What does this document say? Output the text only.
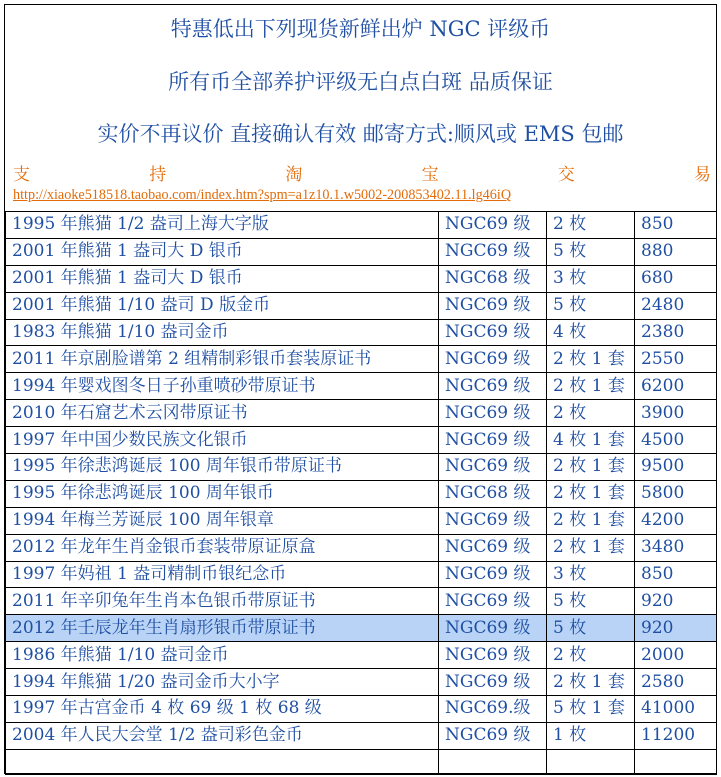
特惠低出下列现货新鲜出炉 NGC 评级币
所有币全部养护评级无白点白斑 品质保证
实价不再议价 直接确认有效 邮寄方式:顺风或 EMS 包邮
支	持	淘	宝	交	易
http://xiaoke518518.taobao.com/index.htm?spm=a1z10.1.w5002-200853402.11.lg46iQ
1995 年熊猫 1/2 盎司上海大字版	NGC69 级	2 枚	850
2001 年熊猫 1 盎司大 D 银币	NGC69 级	5 枚	880
2001 年熊猫 1 盎司大 D 银币	NGC68 级	3 枚	680
2001 年熊猫 1/10 盎司 D 版金币	NGC69 级	5 枚	2480
1983 年熊猫 1/10 盎司金币	NGC69 级	4 枚	2380
2011 年京剧脸谱第 2 组精制彩银币套装原证书	NGC69 级	2 枚 1 套	2550
1994 年婴戏图冬日子孙重喷砂带原证书	NGC69 级	2 枚 1 套	6200
2010 年石窟艺术云冈带原证书	NGC69 级	2 枚	3900
1997 年中国少数民族文化银币	NGC69 级	4 枚 1 套	4500
1995 年徐悲鸿诞辰 100 周年银币带原证书	NGC69 级	2 枚 1 套	9500
1995 年徐悲鸿诞辰 100 周年银币	NGC68 级	2 枚 1 套	5800
1994 年梅兰芳诞辰 100 周年银章	NGC69 级	2 枚 1 套	4200
2012 年龙年生肖金银币套装带原证原盒	NGC69 级	2 枚 1 套	3480
1997 年妈祖 1 盎司精制币银纪念币	NGC69 级	3 枚	850
2011 年辛卯兔年生肖本色银币带原证书	NGC69 级	5 枚	920
2012 年壬辰龙年生肖扇形银币带原证书	NGC69 级	5 枚	920
1986 年熊猫 1/10 盎司金币	NGC69 级	2 枚	2000
1994 年熊猫 1/20 盎司金币大小字	NGC69 级	2 枚 1 套	2580
1997 年古宫金币 4 枚 69 级 1 枚 68 级	NGC69.级	5 枚 1 套	41000
2004 年人民大会堂 1/2 盎司彩色金币	NGC69 级	1 枚	11200
